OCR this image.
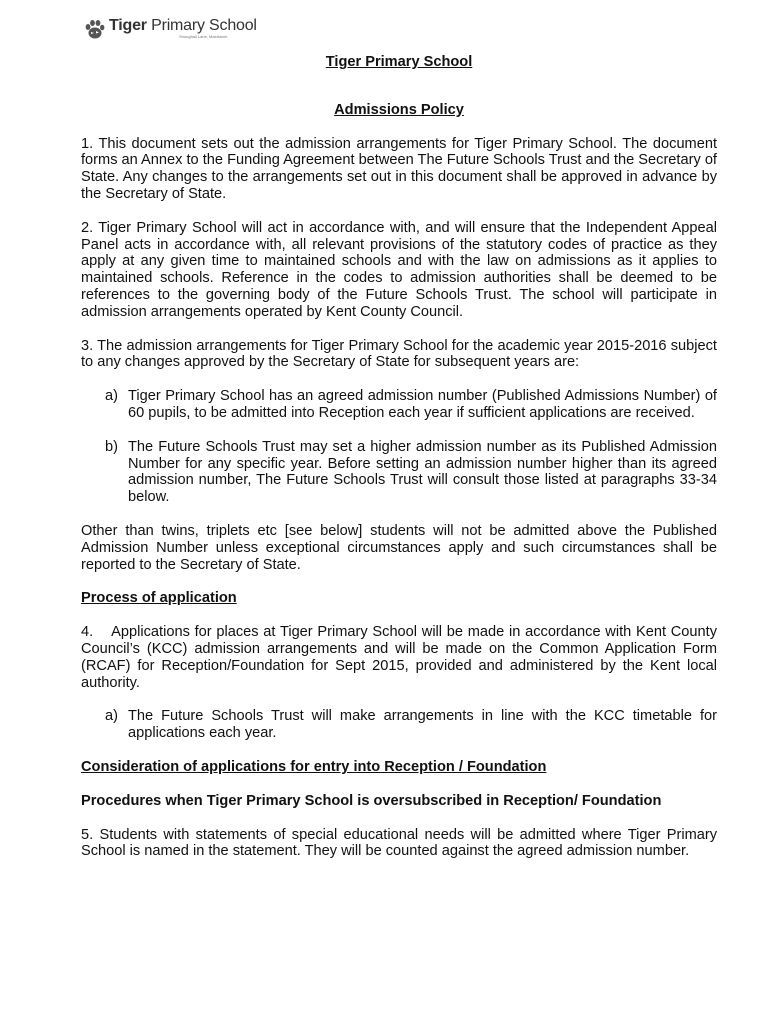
Tiger Primary School
Shoughall Lane, Maidstone

Tiger Primary School

Admissions Policy

1. This document sets out the admission arrangements for Tiger Primary School. The document forms an Annex to the Funding Agreement between The Future Schools Trust and the Secretary of State. Any changes to the arrangements set out in this document shall be approved in advance by the Secretary of State.

2. Tiger Primary School will act in accordance with, and will ensure that the Independent Appeal Panel acts in accordance with, all relevant provisions of the statutory codes of practice as they apply at any given time to maintained schools and with the law on admissions as it applies to maintained schools. Reference in the codes to admission authorities shall be deemed to be references to the governing body of the Future Schools Trust. The school will participate in admission arrangements operated by Kent County Council.

3. The admission arrangements for Tiger Primary School for the academic year 2015-2016 subject to any changes approved by the Secretary of State for subsequent years are:

a) Tiger Primary School has an agreed admission number (Published Admissions Number) of 60 pupils, to be admitted into Reception each year if sufficient applications are received.
b) The Future Schools Trust may set a higher admission number as its Published Admission Number for any specific year. Before setting an admission number higher than its agreed admission number, The Future Schools Trust will consult those listed at paragraphs 33-34 below.

Other than twins, triplets etc [see below] students will not be admitted above the Published Admission Number unless exceptional circumstances apply and such circumstances shall be reported to the Secretary of State.

Process of application

4. Applications for places at Tiger Primary School will be made in accordance with Kent County Council’s (KCC) admission arrangements and will be made on the Common Application Form (RCAF) for Reception/Foundation for Sept 2015, provided and administered by the Kent local authority.

a) The Future Schools Trust will make arrangements in line with the KCC timetable for applications each year.

Consideration of applications for entry into Reception / Foundation

Procedures when Tiger Primary School is oversubscribed in Reception/ Foundation

5. Students with statements of special educational needs will be admitted where Tiger Primary School is named in the statement. They will be counted against the agreed admission number.
